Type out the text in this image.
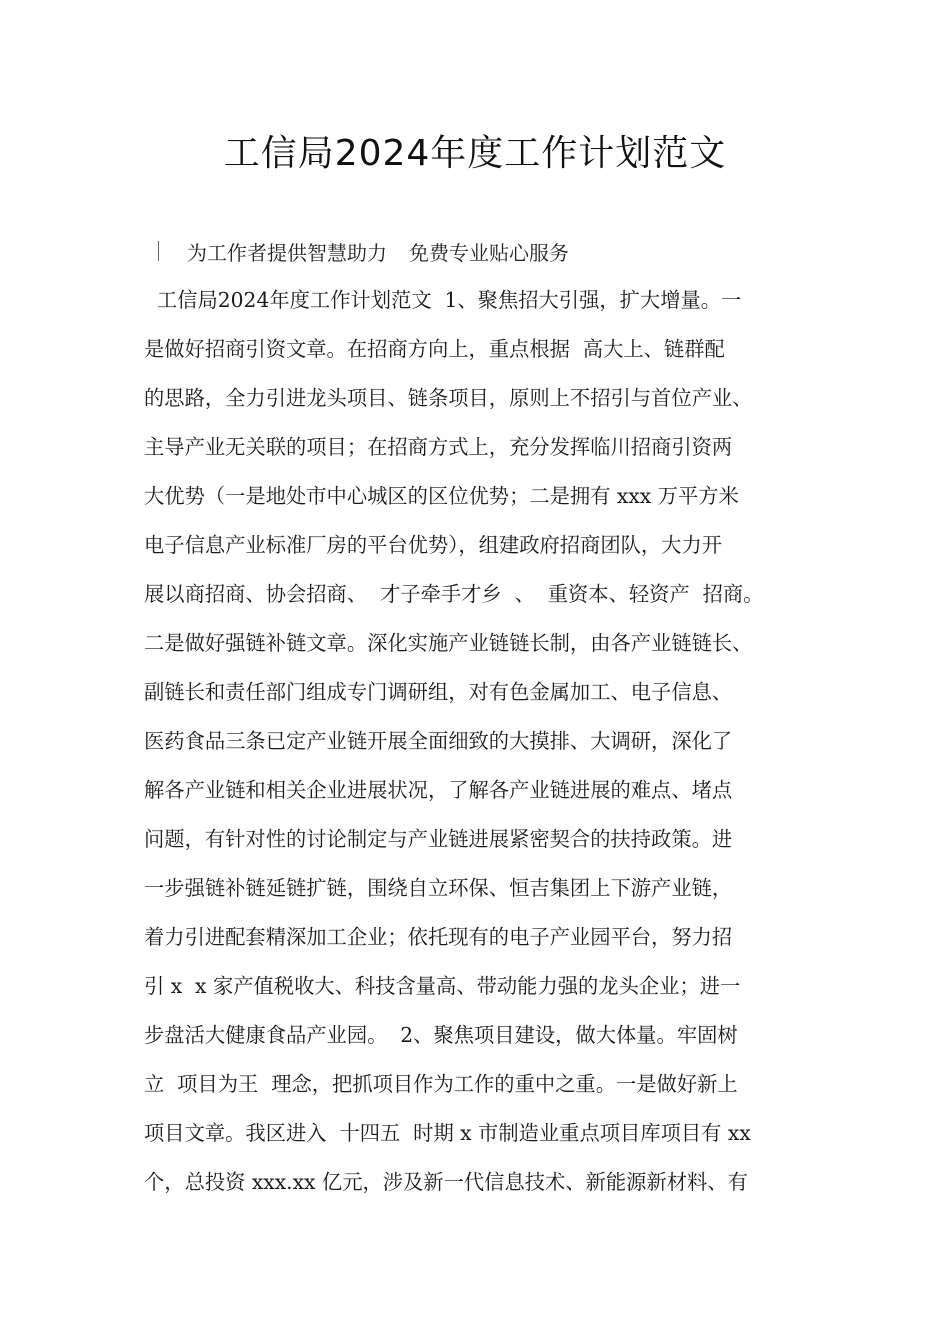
工信局2024年度工作计划范文
为工作者提供智慧助力 免费专业贴心服务
工信局2024年度工作计划范文  1、聚焦招大引强，扩大增量。一
是做好招商引资文章。在招商方向上，重点根据  高大上、链群配
的思路，全力引进龙头项目、链条项目，原则上不招引与首位产业、
主导产业无关联的项目；在招商方式上，充分发挥临川招商引资两
大优势（一是地处市中心城区的区位优势；二是拥有 xxx 万平方米
电子信息产业标准厂房的平台优势），组建政府招商团队，大力开
展以商招商、协会招商、  才子牵手才乡  、  重资本、轻资产  招商。
二是做好强链补链文章。深化实施产业链链长制，由各产业链链长、
副链长和责任部门组成专门调研组，对有色金属加工、电子信息、
医药食品三条已定产业链开展全面细致的大摸排、大调研，深化了
解各产业链和相关企业进展状况，了解各产业链进展的难点、堵点
问题，有针对性的讨论制定与产业链进展紧密契合的扶持政策。进
一步强链补链延链扩链，围绕自立环保、恒吉集团上下游产业链，
着力引进配套精深加工企业；依托现有的电子产业园平台，努力招
引 x  x 家产值税收大、科技含量高、带动能力强的龙头企业；进一
步盘活大健康食品产业园。  2、聚焦项目建设，做大体量。牢固树
立  项目为王  理念，把抓项目作为工作的重中之重。一是做好新上
项目文章。我区进入  十四五  时期 x 市制造业重点项目库项目有 xx
个，总投资 xxx.xx 亿元，涉及新一代信息技术、新能源新材料、有
